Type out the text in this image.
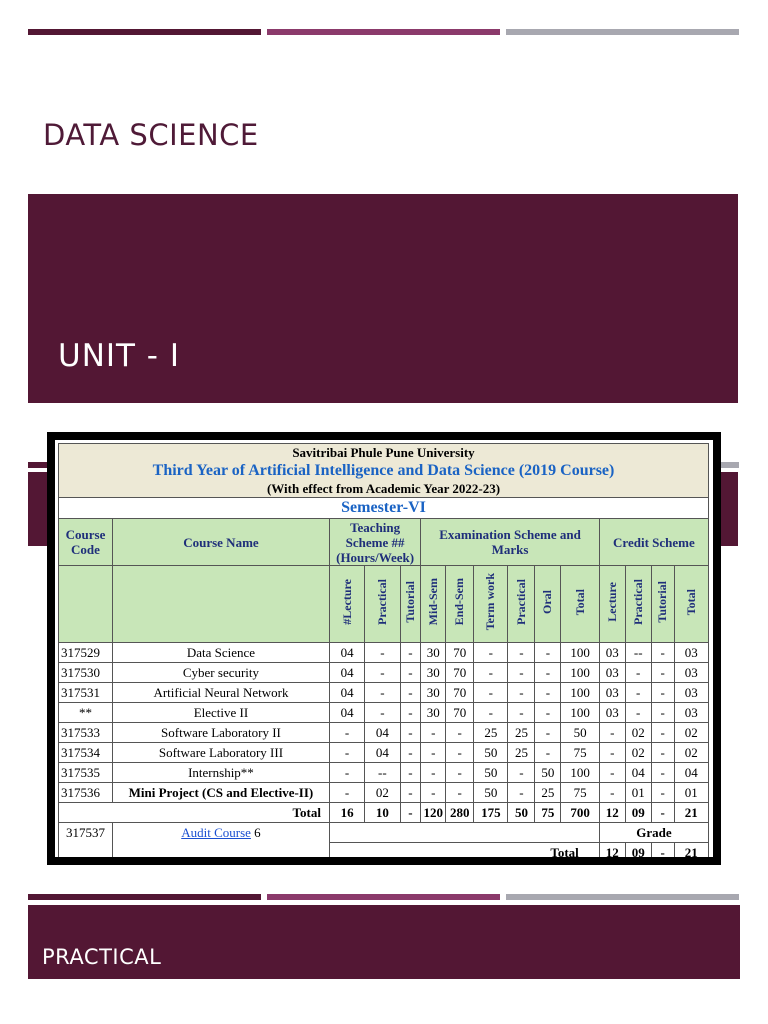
DATA SCIENCE
UNIT - I
Savitribai Phule Pune University														
Third Year of Artificial Intelligence and Data Science (2019 Course)														
(With effect from Academic Year 2022-23)														
Semester-VI														
Course Code	Course Name	Teaching Scheme ##(Hours/Week)			Examination Scheme and Marks						Credit Scheme			
		#Lecture	Practical	Tutorial	Mid-Sem	End-Sem	Term work	Practical	Oral	Total	Lecture	Practical	Tutorial	Total
317529	Data Science	04	-	-	30	70	-	-	-	100	03	--	-	03
317530	Cyber security	04	-	-	30	70	-	-	-	100	03	-	-	03
317531	Artificial Neural Network	04	-	-	30	70	-	-	-	100	03	-	-	03
**	Elective II	04	-	-	30	70	-	-	-	100	03	-	-	03
317533	Software Laboratory II	-	04	-	-	-	25	25	-	50	-	02	-	02
317534	Software Laboratory III	-	04	-	-	-	50	25	-	75	-	02	-	02
317535	Internship**	-	--	-	-	-	50	-	50	100	-	04	-	04
317536	Mini Project (CS and Elective-II)	-	02	-	-	-	50	-	25	75	-	01	-	01
Total		16	10	-	120	280	175	50	75	700	12	09	-	21
317537	Audit Course 6										Grade			
		Total									12	09	-	21
PRACTICAL
